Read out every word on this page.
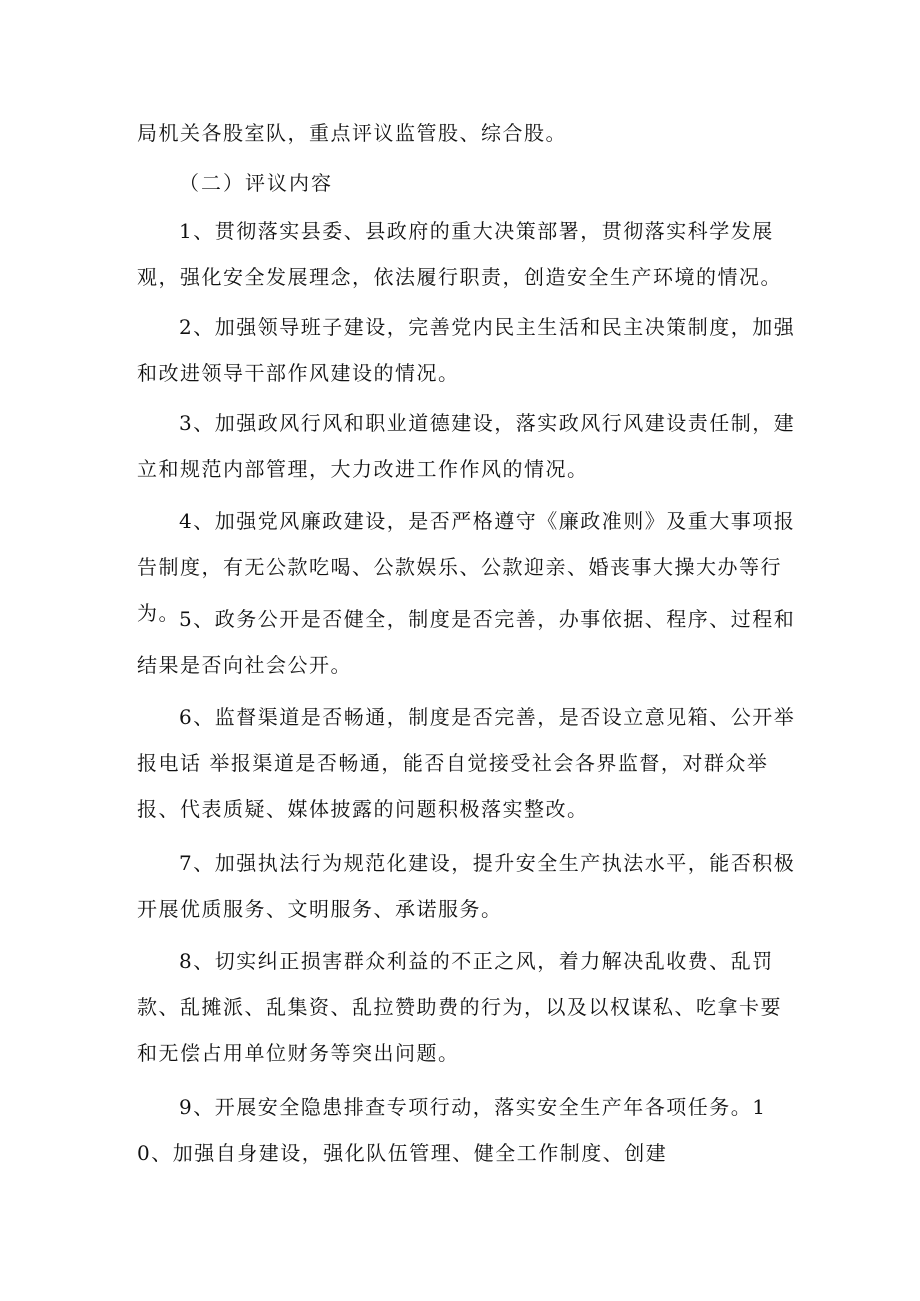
局机关各股室队，重点评议监管股、综合股。

（二）评议内容

1、贯彻落实县委、县政府的重大决策部署，贯彻落实科学发展观，强化安全发展理念，依法履行职责，创造安全生产环境的情况。

2、加强领导班子建设，完善党内民主生活和民主决策制度，加强和改进领导干部作风建设的情况。

3、加强政风行风和职业道德建设，落实政风行风建设责任制，建立和规范内部管理，大力改进工作作风的情况。

4、加强党风廉政建设，是否严格遵守《廉政准则》及重大事项报告制度，有无公款吃喝、公款娱乐、公款迎亲、婚丧事大操大办等行为。 5、政务公开是否健全，制度是否完善，办事依据、程序、过程和结果是否向社会公开。

6、监督渠道是否畅通，制度是否完善，是否设立意见箱、公开举报电话 举报渠道是否畅通，能否自觉接受社会各界监督，对群众举报、代表质疑、媒体披露的问题积极落实整改。

7、加强执法行为规范化建设，提升安全生产执法水平，能否积极开展优质服务、文明服务、承诺服务。

8、切实纠正损害群众利益的不正之风，着力解决乱收费、乱罚款、乱摊派、乱集资、乱拉赞助费的行为，以及以权谋私、吃拿卡要和无偿占用单位财务等突出问题。

9、开展安全隐患排查专项行动，落实安全生产年各项任务。10、加强自身建设，强化队伍管理、健全工作制度、创建
